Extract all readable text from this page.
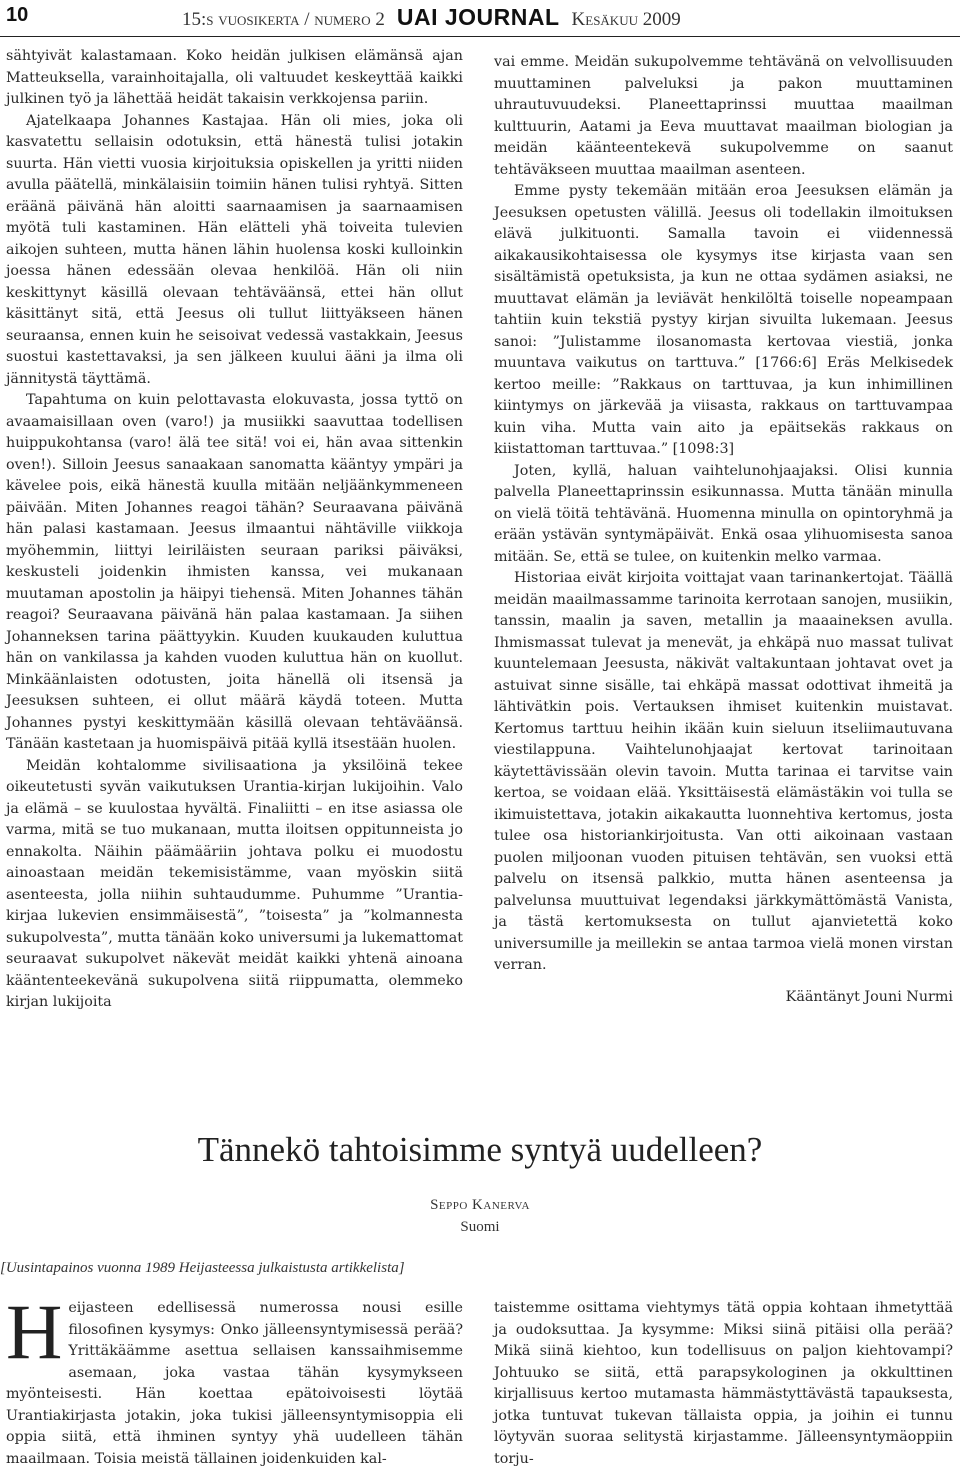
10	15:s vuosikerta / numero 2 UAI JOURNAL Kesäkuu 2009

sähtyivät kalastamaan. Koko heidän julkisen elämänsä ajan Matteuksella, varainhoitajalla, oli valtuudet keskeyttää kaikki julkinen työ ja lähettää heidät takaisin verkkojensa pariin.

Ajatelkaapa Johannes Kastajaa. Hän oli mies, joka oli kasvatettu sellaisin odotuksin, että hänestä tulisi jotakin suurta. Hän vietti vuosia kirjoituksia opiskellen ja yritti niiden avulla päätellä, minkälaisiin toimiin hänen tulisi ryhtyä. Sitten eräänä päivänä hän aloitti saarnaamisen ja saarnaamisen myötä tuli kastaminen. Hän elätteli yhä toiveita tulevien aikojen suhteen, mutta hänen lähin huolensa koski kulloinkin joessa hänen edessään olevaa henkilöä. Hän oli niin keskittynyt käsillä olevaan tehtäväänsä, ettei hän ollut käsittänyt sitä, että Jeesus oli tullut liittyäkseen hänen seuraansa, ennen kuin he seisoivat vedessä vastakkain, Jeesus suostui kastettavaksi, ja sen jälkeen kuului ääni ja ilma oli jännitystä täyttämä.

Tapahtuma on kuin pelottavasta elokuvasta, jossa tyttö on avaamaisillaan oven (varo!) ja musiikki saavuttaa todellisen huippukohtansa (varo! älä tee sitä! voi ei, hän avaa sittenkin oven!). Silloin Jeesus sanaakaan sanomatta kääntyy ympäri ja kävelee pois, eikä hänestä kuulla mitään neljäänkymmeneen päivään. Miten Johannes reagoi tähän? Seuraavana päivänä hän palasi kastamaan. Jeesus ilmaantui nähtäville viikkoja myöhemmin, liittyi leiriläisten seuraan pariksi päiväksi, keskusteli joidenkin ihmisten kanssa, vei mukanaan muutaman apostolin ja häipyi tiehensä. Miten Johannes tähän reagoi? Seuraavana päivänä hän palaa kastamaan. Ja siihen Johanneksen tarina päättyykin. Kuuden kuukauden kuluttua hän on vankilassa ja kahden vuoden kuluttua hän on kuollut. Minkäänlaisten odotusten, joita hänellä oli itsensä ja Jeesuksen suhteen, ei ollut määrä käydä toteen. Mutta Johannes pystyi keskittymään käsillä olevaan tehtäväänsä. Tänään kastetaan ja huomispäivä pitää kyllä itsestään huolen.

Meidän kohtalomme sivilisaationa ja yksilöinä tekee oikeutetusti syvän vaikutuksen Urantia-kirjan lukijoihin. Valo ja elämä – se kuulostaa hyvältä. Finaliitti – en itse asiassa ole varma, mitä se tuo mukanaan, mutta iloitsen oppitunneista jo ennakolta. Näihin päämääriin johtava polku ei muodostu ainoastaan meidän tekemisistämme, vaan myöskin siitä asenteesta, jolla niihin suhtaudumme. Puhumme ”Urantia-kirjaa lukevien ensimmäisestä”, ”toisesta” ja ”kolmannesta sukupolvesta”, mutta tänään koko universumi ja lukemattomat seuraavat sukupolvet näkevät meidät kaikki yhtenä ainoana kääntenteekevänä sukupolvena siitä riippumatta, olemmeko kirjan lukijoita

vai emme. Meidän sukupolvemme tehtävänä on velvollisuuden muuttaminen palveluksi ja pakon muuttaminen uhrautuvuudeksi. Planeettaprinssi muuttaa maailman kulttuurin, Aatami ja Eeva muuttavat maailman biologian ja meidän käänteentekevä sukupolvemme on saanut tehtäväkseen muuttaa maailman asenteen.

Emme pysty tekemään mitään eroa Jeesuksen elämän ja Jeesuksen opetusten välillä. Jeesus oli todellakin ilmoituksen elävä julkituonti. Samalla tavoin ei viidennessä aikakausikohtaisessa ole kysymys itse kirjasta vaan sen sisältämistä opetuksista, ja kun ne ottaa sydämen asiaksi, ne muuttavat elämän ja leviävät henkilöltä toiselle nopeampaan tahtiin kuin tekstiä pystyy kirjan sivuilta lukemaan. Jeesus sanoi: ”Julistamme ilosanomasta kertovaa viestiä, jonka muuntava vaikutus on tarttuva.” [1766:6] Eräs Melkisedek kertoo meille: ”Rakkaus on tarttuvaa, ja kun inhimillinen kiintymys on järkevää ja viisasta, rakkaus on tarttuvampaa kuin viha. Mutta vain aito ja epäitsekäs rakkaus on kiistattoman tarttuvaa.” [1098:3]

Joten, kyllä, haluan vaihtelunohjaajaksi. Olisi kunnia palvella Planeettaprinssin esikunnassa. Mutta tänään minulla on vielä töitä tehtävänä. Huomenna minulla on opintoryhmä ja erään ystävän syntymäpäivät. Enkä osaa ylihuomisesta sanoa mitään. Se, että se tulee, on kuitenkin melko varmaa.

Historiaa eivät kirjoita voittajat vaan tarinankertojat. Täällä meidän maailmassamme tarinoita kerrotaan sanojen, musiikin, tanssin, maalin ja saven, metallin ja maaaineksen avulla. Ihmismassat tulevat ja menevät, ja ehkäpä nuo massat tulivat kuuntelemaan Jeesusta, näkivät valtakuntaan johtavat ovet ja astuivat sinne sisälle, tai ehkäpä massat odottivat ihmeitä ja lähtivätkin pois. Vertauksen ihmiset kuitenkin muistavat. Kertomus tarttuu heihin ikään kuin sieluun itseliimautuvana viestilappuna. Vaihtelunohjaajat kertovat tarinoitaan käytettävissään olevin tavoin. Mutta tarinaa ei tarvitse vain kertoa, se voidaan elää. Yksittäisestä elämästäkin voi tulla se ikimuistettava, jotakin aikakautta luonnehtiva kertomus, josta tulee osa historiankirjoitusta. Van otti aikoinaan vastaan puolen miljoonan vuoden pituisen tehtävän, sen vuoksi että palvelu on itsensä palkkio, mutta hänen asenteensa ja palvelunsa muuttuivat legendaksi järkkymättömästä Vanista, ja tästä kertomuksesta on tullut ajanvietettä koko universumille ja meillekin se antaa tarmoa vielä monen virstan verran.

Kääntänyt Jouni Nurmi

Tännekö tahtoisimme syntyä uudelleen?
Seppo Kanerva
Suomi
[Uusintapainos vuonna 1989 Heijasteessa julkaistusta artikkelista]

Heijasteen edellisessä numerossa nousi esille filosofinen kysymys: Onko jälleensyntymisessä perää? Yrittäkäämme asettua sellaisen kanssaihmisemme asemaan, joka vastaa tähän kysymykseen myönteisesti. Hän koettaa epätoivoisesti löytää Urantiakirjasta jotakin, joka tukisi jälleensyntymisoppia eli oppia siitä, että ihminen syntyy yhä uudelleen tähän maailmaan. Toisia meistä tällainen joidenkuiden kal-

taistemme osittama viehtymys tätä oppia kohtaan ihmetyttää ja oudoksuttaa. Ja kysymme: Miksi siinä pitäisi olla perää? Mikä siinä kiehtoo, kun todellisuus on paljon kiehtovampi? Johtuuko se siitä, että parapsykologinen ja okkulttinen kirjallisuus kertoo mutamasta hämmästyttävästä tapauksesta, jotka tuntuvat tukevan tällaista oppia, ja joihin ei tunnu löytyvän suoraa selitystä kirjastamme. Jälleensyntymäoppiin torju-
